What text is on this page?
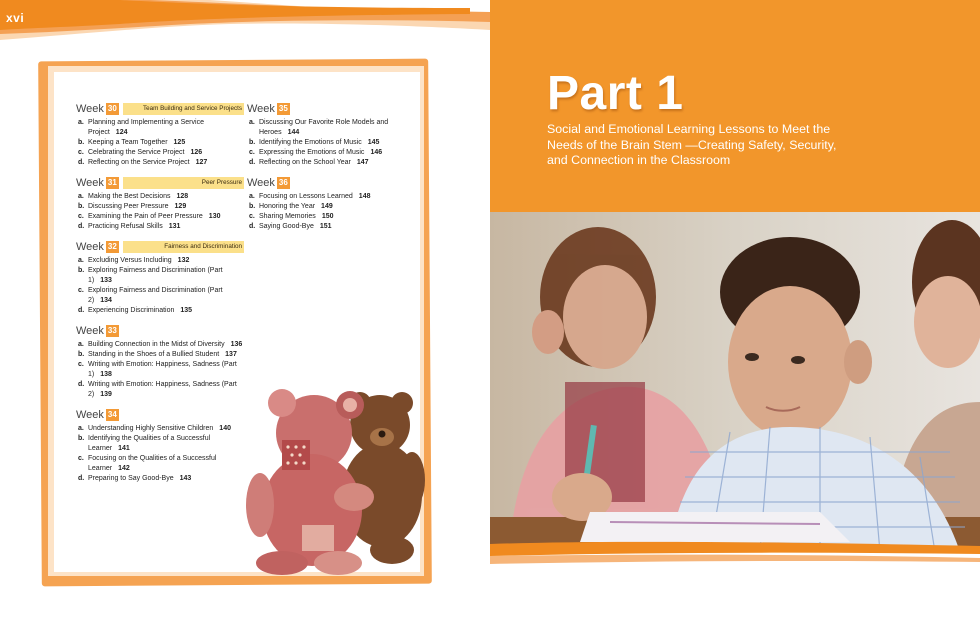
xvi
Week 30	Team Building and Service Projects
a. Planning and Implementing a Service Project 124
b. Keeping a Team Together 125
c. Celebrating the Service Project 126
d. Reflecting on the Service Project 127
Week 31	Peer Pressure
a. Making the Best Decisions 128
b. Discussing Peer Pressure 129
c. Examining the Pain of Peer Pressure 130
d. Practicing Refusal Skills 131
Week 32	Fairness and Discrimination
a. Excluding Versus Including 132
b. Exploring Fairness and Discrimination (Part 1) 133
c. Exploring Fairness and Discrimination (Part 2) 134
d. Experiencing Discrimination 135
Week 33
a. Building Connection in the Midst of Diversity 136
b. Standing in the Shoes of a Bullied Student 137
c. Writing with Emotion: Happiness, Sadness (Part 1) 138
d. Writing with Emotion: Happiness, Sadness (Part 2) 139
Week 34
a. Understanding Highly Sensitive Children 140
b. Identifying the Qualities of a Successful Learner 141
c. Focusing on the Qualities of a Successful Learner 142
d. Preparing to Say Good-Bye 143
Week 35
a. Discussing Our Favorite Role Models and Heroes 144
b. Identifying the Emotions of Music 145
c. Expressing the Emotions of Music 146
d. Reflecting on the School Year 147
Week 36
a. Focusing on Lessons Learned 148
b. Honoring the Year 149
c. Sharing Memories 150
d. Saying Good-Bye 151
Part 1
Social and Emotional Learning Lessons to Meet the Needs of the Brain Stem —Creating Safety, Security, and Connection in the Classroom
